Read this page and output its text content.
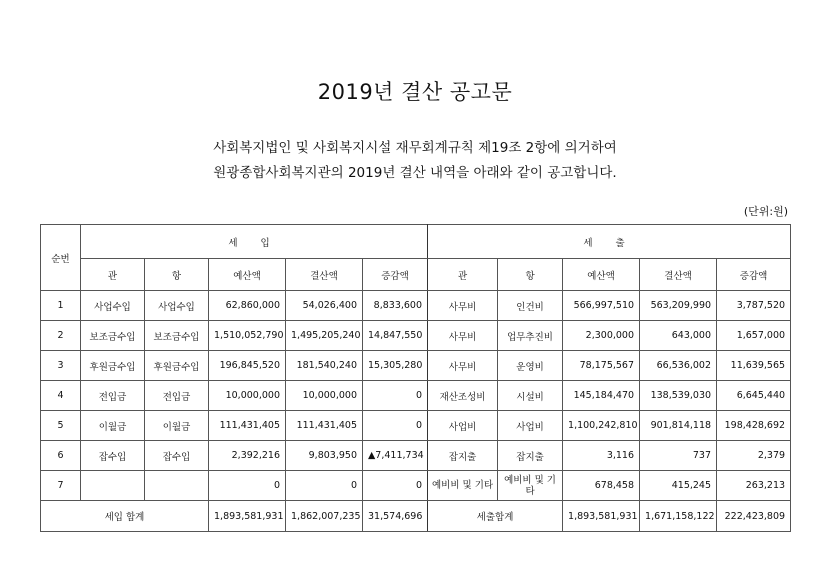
2019년 결산 공고문
사회복지법인 및 사회복지시설 재무회계규칙 제19조 2항에 의거하여
원광종합사회복지관의 2019년 결산 내역을 아래와 같이 공고합니다.
(단위:원)
순번	세 입					세 출				
	관	항	예산액	결산액	증감액	관	항	예산액	결산액	증감액
1	사업수입	사업수입	62,860,000	54,026,400	8,833,600	사무비	인건비	566,997,510	563,209,990	3,787,520
2	보조금수입	보조금수입	1,510,052,790	1,495,205,240	14,847,550	사무비	업무추진비	2,300,000	643,000	1,657,000
3	후원금수입	후원금수입	196,845,520	181,540,240	15,305,280	사무비	운영비	78,175,567	66,536,002	11,639,565
4	전입금	전입금	10,000,000	10,000,000	0	재산조성비	시설비	145,184,470	138,539,030	6,645,440
5	이월금	이월금	111,431,405	111,431,405	0	사업비	사업비	1,100,242,810	901,814,118	198,428,692
6	잡수입	잡수입	2,392,216	9,803,950	▲7,411,734	잡지출	잡지출	3,116	737	2,379
7			0	0	0	예비비 및 기타	예비비 및 기타	678,458	415,245	263,213
세입 합계			1,893,581,931	1,862,007,235	31,574,696	세출합계		1,893,581,931	1,671,158,122	222,423,809
